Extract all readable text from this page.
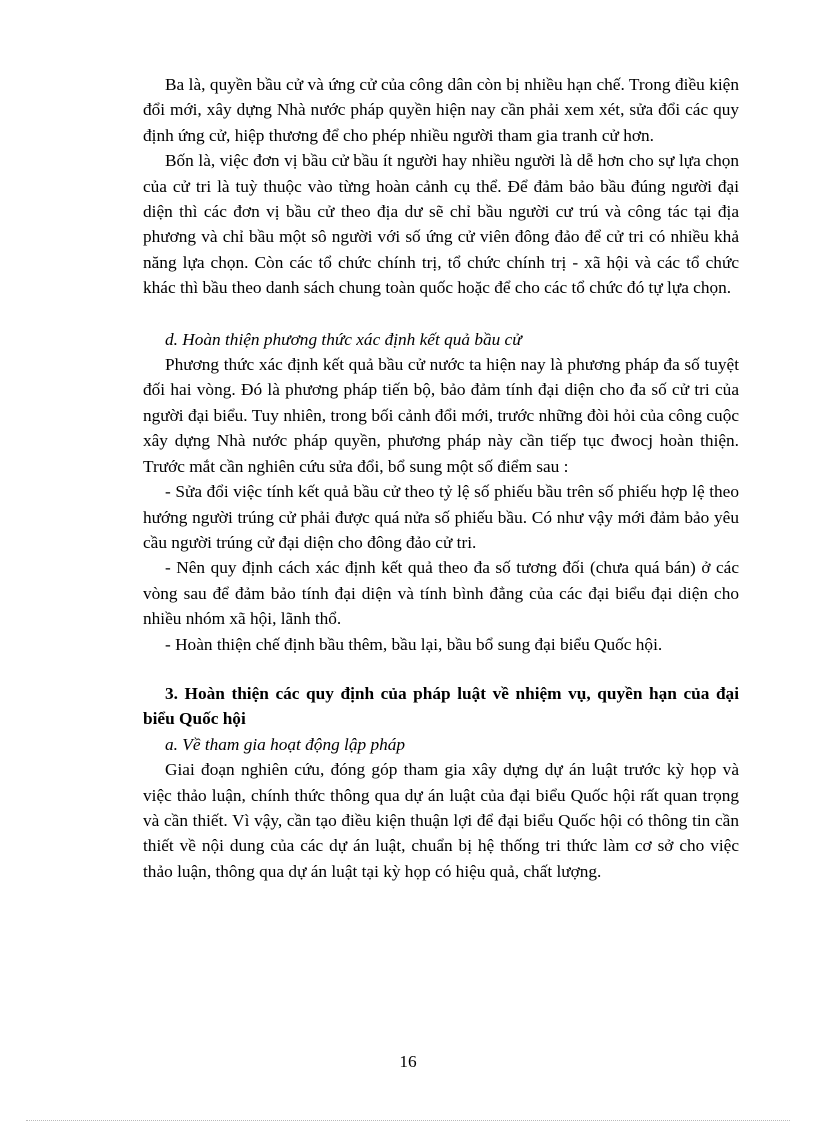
Ba là, quyền bầu cử và ứng cử của công dân còn bị nhiều hạn chế. Trong điều kiện đổi mới, xây dựng Nhà nước pháp quyền hiện nay cần phải xem xét, sửa đổi các quy định ứng cử, hiệp thương để cho phép nhiều người tham gia tranh cử hơn.

Bốn là, việc đơn vị bầu cử bầu ít người hay nhiều người là dễ hơn cho sự lựa chọn của cử tri là tuỳ thuộc vào từng hoàn cảnh cụ thể. Để đảm bảo bầu đúng người đại diện thì các đơn vị bầu cử theo địa dư sẽ chỉ bầu người cư trú và công tác tại địa phương và chỉ bầu một sô người với số ứng cử viên đông đảo để cử tri có nhiều khả năng lựa chọn. Còn các tổ chức chính trị, tổ chức chính trị - xã hội và các tổ chức khác thì bầu theo danh sách chung toàn quốc hoặc để cho các tổ chức đó tự lựa chọn.

d. Hoàn thiện phương thức xác định kết quả bầu cử

Phương thức xác định kết quả bầu cử nước ta hiện nay là phương pháp đa số tuyệt đối hai vòng. Đó là phương pháp tiến bộ, bảo đảm tính đại diện cho đa số cử tri của người đại biểu. Tuy nhiên, trong bối cảnh đổi mới, trước những đòi hỏi của công cuộc xây dựng Nhà nước pháp quyền, phương pháp này cần tiếp tục đwocj hoàn thiện. Trước mắt cần nghiên cứu sửa đổi, bổ sung một số điểm sau :

- Sửa đổi việc tính kết quả bầu cử theo tỷ lệ số phiếu bầu trên số phiếu hợp lệ theo hướng người trúng cử phải được quá nửa số phiếu bầu. Có như vậy mới đảm bảo yêu cầu người trúng cử đại diện cho đông đảo cử tri.

- Nên quy định cách xác định kết quả theo đa số tương đối (chưa quá bán) ở các vòng sau để đảm bảo tính đại diện và tính bình đẳng của các đại biểu đại diện cho nhiều nhóm xã hội, lãnh thổ.

- Hoàn thiện chế định bầu thêm, bầu lại, bầu bổ sung đại biểu Quốc hội.

3. Hoàn thiện các quy định của pháp luật về nhiệm vụ, quyền hạn của đại biểu Quốc hội

a. Về tham gia hoạt động lập pháp

Giai đoạn nghiên cứu, đóng góp tham gia xây dựng dự án luật trước kỳ họp và việc thảo luận, chính thức thông qua dự án luật của đại biểu Quốc hội rất quan trọng và cần thiết. Vì vậy, cần tạo điều kiện thuận lợi để đại biểu Quốc hội có thông tin cần thiết về nội dung của các dự án luật, chuẩn bị hệ thống tri thức làm cơ sở cho việc thảo luận, thông qua dự án luật tại kỳ họp có hiệu quả, chất lượng.

16
